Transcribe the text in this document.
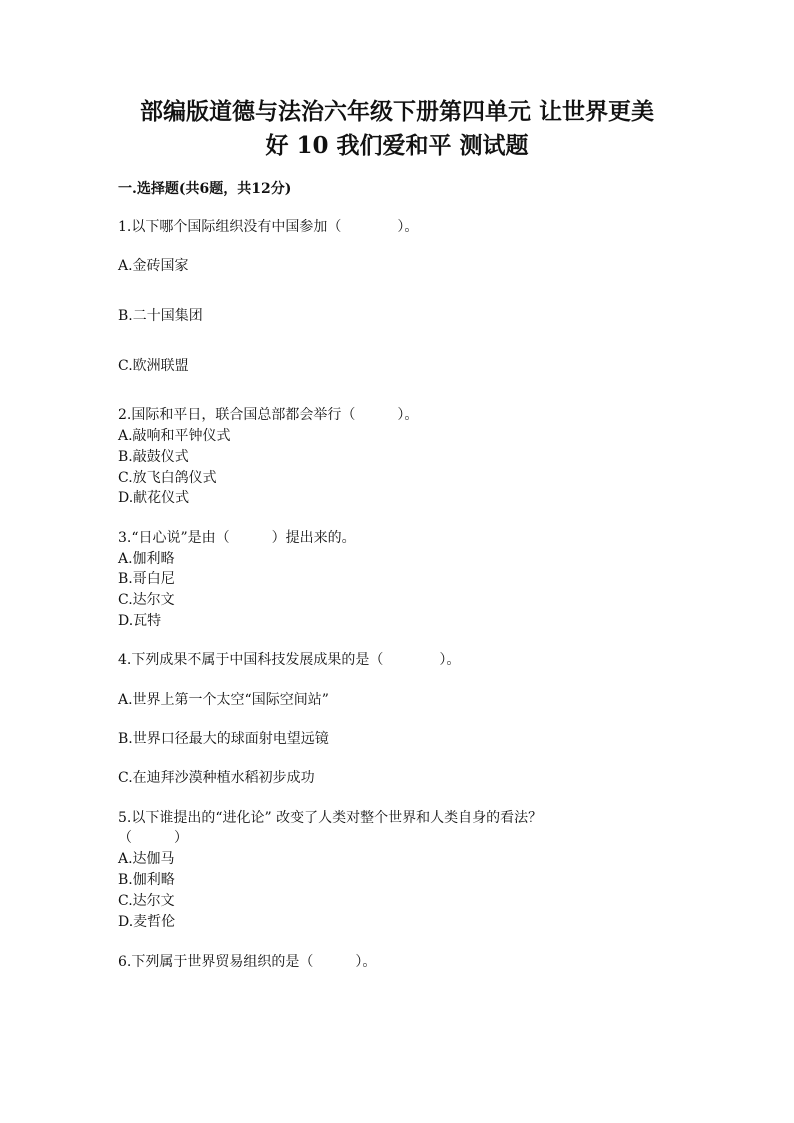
部编版道德与法治六年级下册第四单元 让世界更美
好 10 我们爱和平 测试题
一.选择题(共6题，共12分)
1.以下哪个国际组织没有中国参加（　　　　）。
A.金砖国家
B.二十国集团
C.欧洲联盟
2.国际和平日，联合国总部都会举行（　　　）。
A.敲响和平钟仪式
B.敲鼓仪式
C.放飞白鸽仪式
D.献花仪式
3.“日心说”是由（　　　）提出来的。
A.伽利略
B.哥白尼
C.达尔文
D.瓦特
4.下列成果不属于中国科技发展成果的是（　　　　）。
A.世界上第一个太空“国际空间站”
B.世界口径最大的球面射电望远镜
C.在迪拜沙漠种植水稻初步成功
5.以下谁提出的“进化论” 改变了人类对整个世界和人类自身的看法？
（　　　）
A.达伽马
B.伽利略
C.达尔文
D.麦哲伦
6.下列属于世界贸易组织的是（　　　）。
